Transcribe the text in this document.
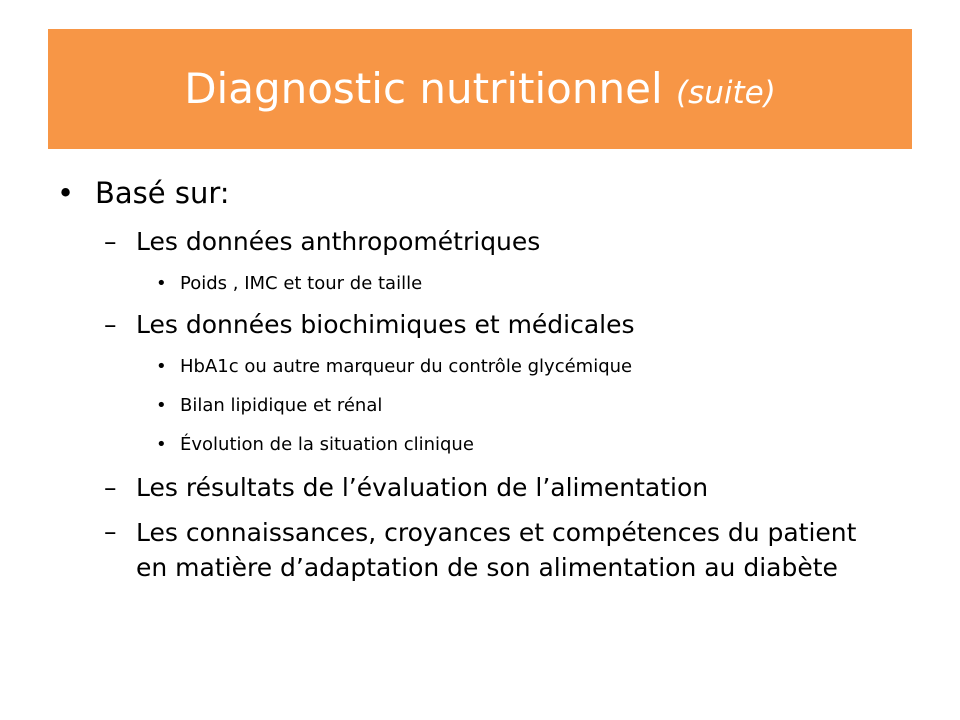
Diagnostic nutritionnel (suite)
• Basé sur:
– Les données anthropométriques
• Poids , IMC et tour de taille
– Les données biochimiques et médicales
• HbA1c ou autre marqueur du contrôle glycémique
• Bilan lipidique et rénal
• Évolution de la situation clinique
– Les résultats de l’évaluation de l’alimentation
– Les connaissances, croyances et compétences du patient en matière d’adaptation de son alimentation au diabète
